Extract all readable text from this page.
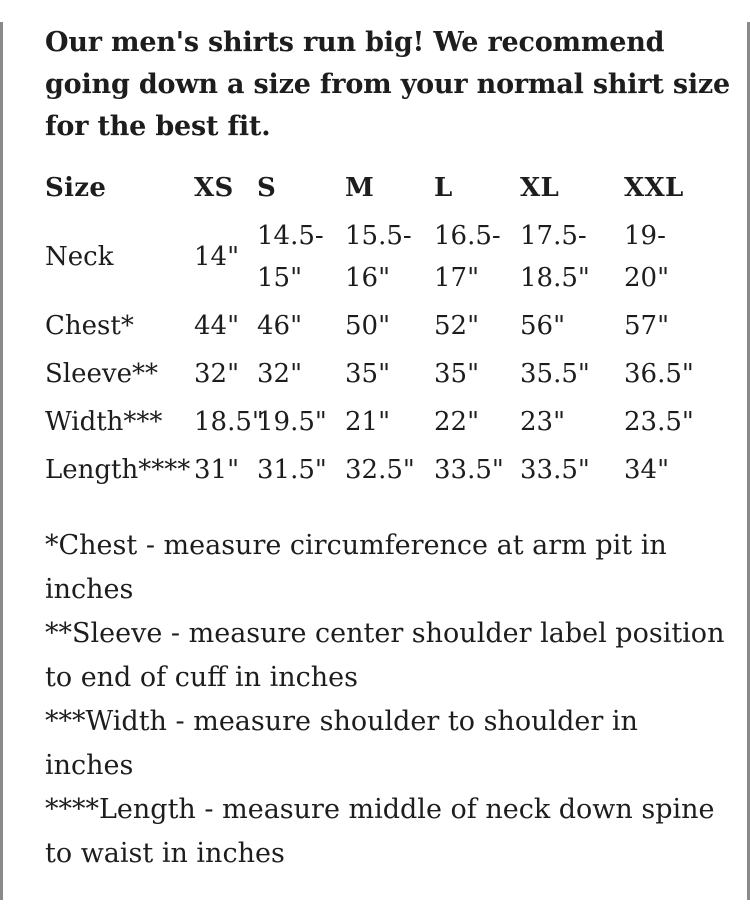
Our men's shirts run big! We recommend
going down a size from your normal shirt size
for the best fit.
Size	XS	S	M	L	XL	XXL
Neck	14"	14.5-15"	15.5-16"	16.5-17"	17.5-18.5"	19-20"
Chest*	44"	46"	50"	52"	56"	57"
Sleeve**	32"	32"	35"	35"	35.5"	36.5"
Width***	18.5"	19.5"	21"	22"	23"	23.5"
Length****	31"	31.5"	32.5"	33.5"	33.5"	34"
*Chest - measure circumference at arm pit in
inches
**Sleeve - measure center shoulder label position
to end of cuff in inches
***Width - measure shoulder to shoulder in
inches
****Length - measure middle of neck down spine
to waist in inches
